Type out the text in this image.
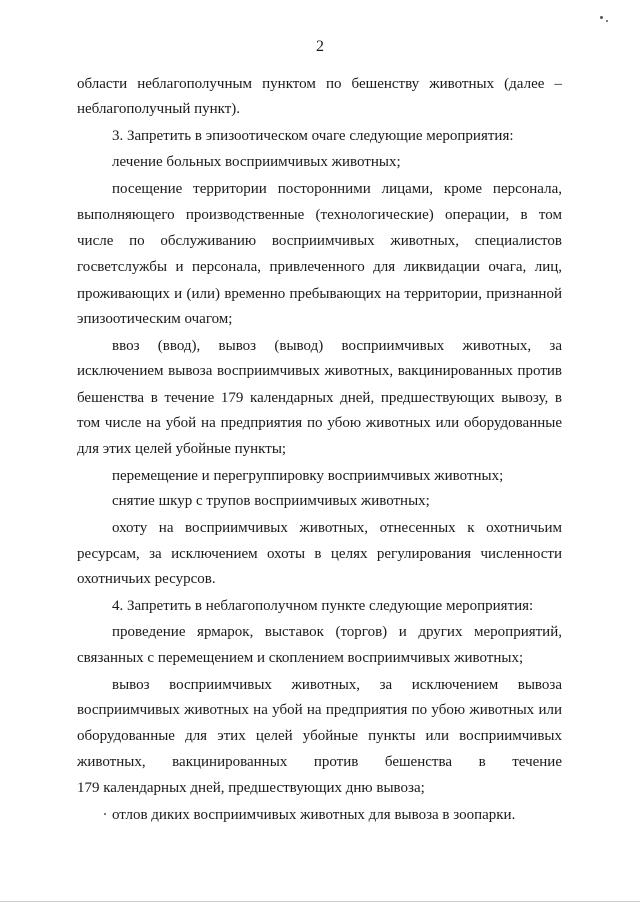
2
области неблагополучным пунктом по бешенству животных (далее –
неблагополучный пункт).
3. Запретить в эпизоотическом очаге следующие мероприятия:
лечение больных восприимчивых животных;
посещение территории посторонними лицами, кроме персонала,
выполняющего производственные (технологические) операции, в том
числе по обслуживанию восприимчивых животных, специалистов
госветслужбы и персонала, привлеченного для ликвидации очага, лиц,
проживающих и (или) временно пребывающих на территории, признанной
эпизоотическим очагом;
ввоз (ввод), вывоз (вывод) восприимчивых животных, за
исключением вывоза восприимчивых животных, вакцинированных против
бешенства в течение 179 календарных дней, предшествующих вывозу, в
том числе на убой на предприятия по убою животных или оборудованные
для этих целей убойные пункты;
перемещение и перегруппировку восприимчивых животных;
снятие шкур с трупов восприимчивых животных;
охоту на восприимчивых животных, отнесенных к охотничьим
ресурсам, за исключением охоты в целях регулирования численности
охотничьих ресурсов.
4. Запретить в неблагополучном пункте следующие мероприятия:
проведение ярмарок, выставок (торгов) и других мероприятий,
связанных с перемещением и скоплением восприимчивых животных;
вывоз восприимчивых животных, за исключением вывоза
восприимчивых животных на убой на предприятия по убою животных или
оборудованные для этих целей убойные пункты или восприимчивых
животных, вакцинированных против бешенства в течение
179 календарных дней, предшествующих дню вывоза;
отлов диких восприимчивых животных для вывоза в зоопарки.
